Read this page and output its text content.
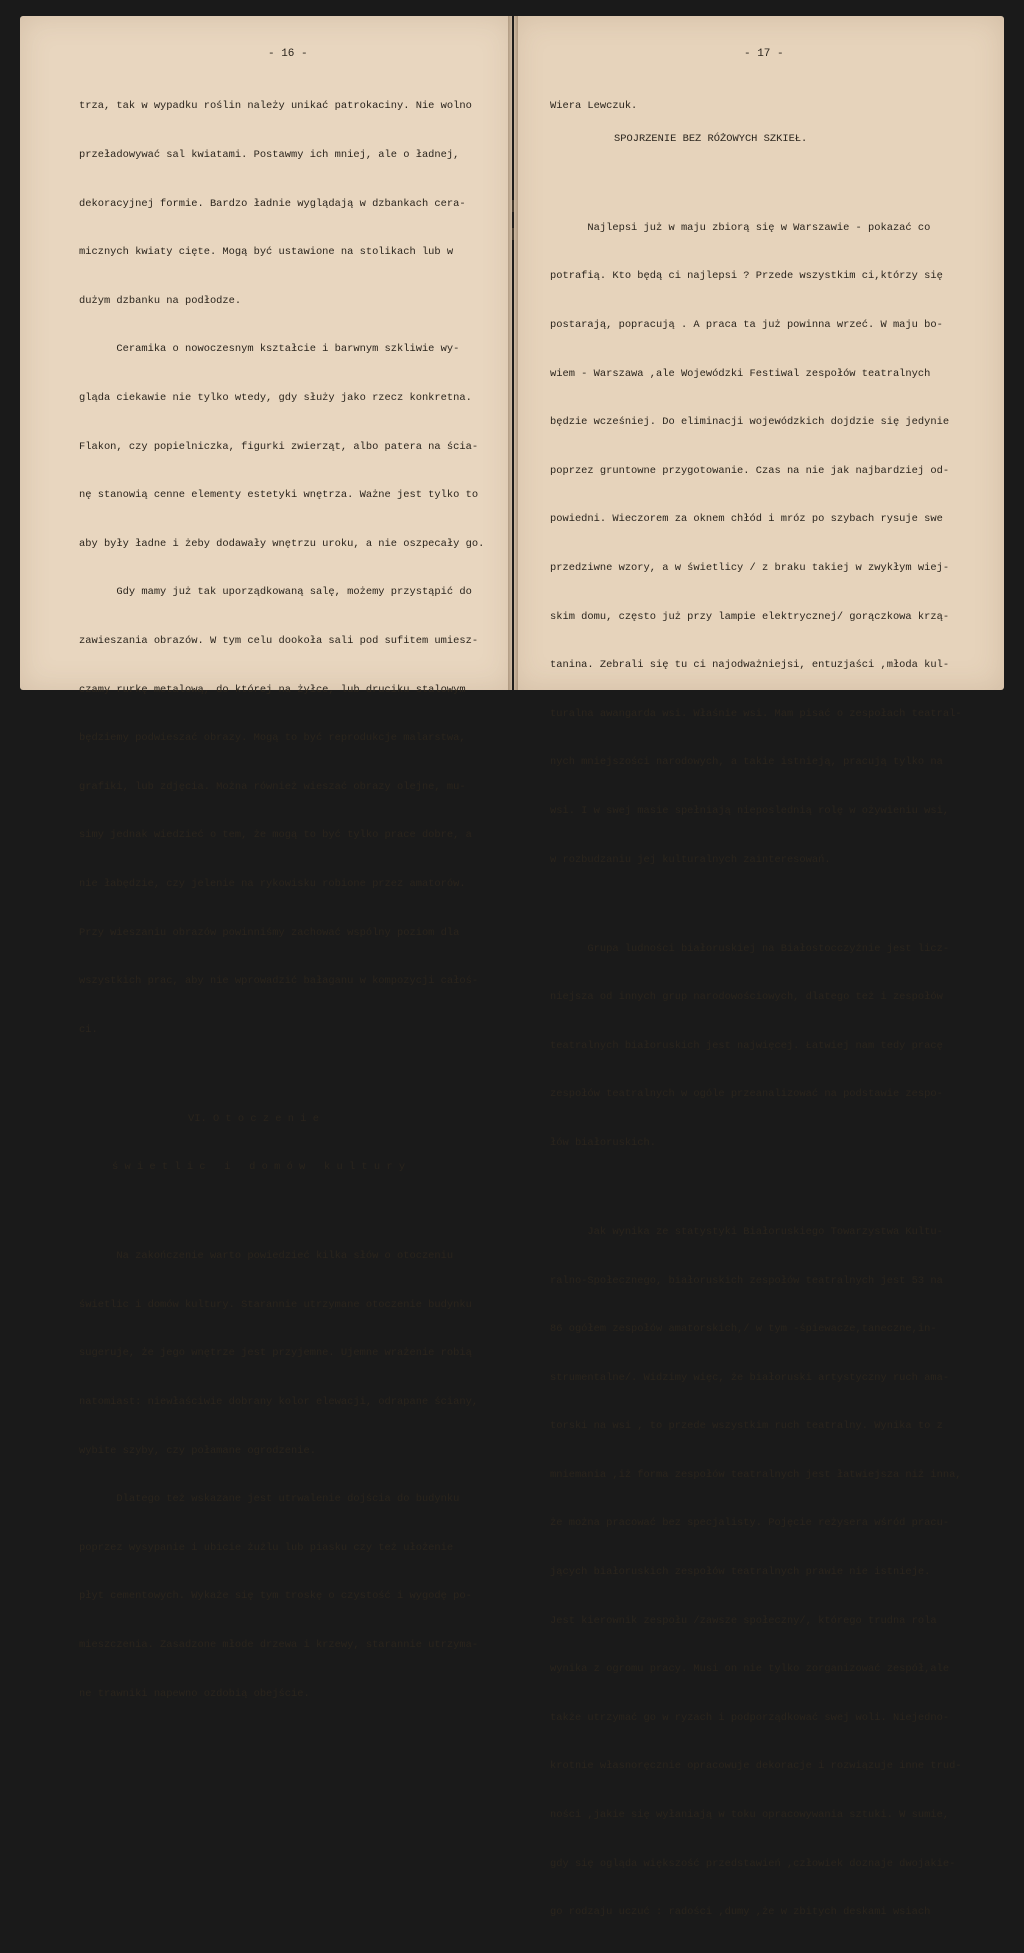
- 16 -

trza, tak w wypadku roślin należy unikać patrokaciny. Nie wolno

przeładowywać sal kwiatami. Postawmy ich mniej, ale o ładnej,

dekoracyjnej formie. Bardzo ładnie wyglądają w dzbankach cera-

micznych kwiaty cięte. Mogą być ustawione na stolikach lub w

dużym dzbanku na podłodze.

Ceramika o nowoczesnym kształcie i barwnym szkliwie wy-

gląda ciekawie nie tylko wtedy, gdy służy jako rzecz konkretna.

Flakon, czy popielniczka, figurki zwierząt, albo patera na ścia-

nę stanowią cenne elementy estetyki wnętrza. Ważne jest tylko to

aby były ładne i żeby dodawały wnętrzu uroku, a nie oszpecały go.

Gdy mamy już tak uporządkowaną salę, możemy przystąpić do

zawieszania obrazów. W tym celu dookoła sali pod sufitem umiesz-

czamy rurkę metalową, do której na żyłce, lub druciku stalowym

będziemy podwieszać obrazy. Mogą to być reprodukcje malarstwa,

grafiki, lub zdjęcia. Można również wieszać obrazy olejne, mu-

simy jednak wiedzieć o tem, że mogą to być tylko prace dobre, a

nie łabędzie, czy jelenie na rykowisku robione przez amatorów.

Przy wieszaniu obrazów powinniśmy zachować wspólny poziom dla

wszystkich prac, aby nie wprowadzić bałaganu w kompozycji całoś-

ci.

VI. O t o c z e n i e

ś w i e t l i c   i   d o m ó w   k u l t u r y

Na zakończenie warto powiedzieć kilka słów o otoczeniu

świetlic i domów kultury. Starannie utrzymane otoczenie budynku

sugeruje, że jego wnętrze jest przyjemne. Ujemne wrażenie robią

natomiast: niewłaściwie dobrany kolor elewacji, odrapane ściany,

wybite szyby, czy połamane ogrodzenie.

Dlatego też wskazane jest utrwalenie dojścia do budynku

poprzez wysypanie i ubicie żużlu lub piasku czy też ułożenie

płyt cementowych. Wykaże się tym troskę o czystość i wygodę po-

mieszczenia. Zasadzone młode drzewa i krzewy, starannie utrzyma-

ne trawniki napewno ozdobią obejście.

- 17 -

Wiera Lewczuk.

SPOJRZENIE BEZ RÓŻOWYCH SZKIEŁ.

Najlepsi już w maju zbiorą się w Warszawie - pokazać co

potrafią. Kto będą ci najlepsi ? Przede wszystkim ci,którzy się

postarają, popracują . A praca ta już powinna wrzeć. W maju bo-

wiem - Warszawa ,ale Wojewódzki Festiwal zespołów teatralnych

będzie wcześniej. Do eliminacji wojewódzkich dojdzie się jedynie

poprzez gruntowne przygotowanie. Czas na nie jak najbardziej od-

powiedni. Wieczorem za oknem chłód i mróz po szybach rysuje swe

przedziwne wzory, a w świetlicy / z braku takiej w zwykłym wiej-

skim domu, często już przy lampie elektrycznej/ gorączkowa krzą-

tanina. Zebrali się tu ci najodważniejsi, entuzjaści ,młoda kul-

turalna awangarda wsi. Właśnie wsi. Mam pisać o zespołach teatral-

nych mniejszości narodowych, a takie istnieją, pracują tylko na

wsi. I w swej masie spełniają nieposlednią rolę w ożywieniu wsi,

w rozbudzaniu jej kulturalnych zainteresowań.

Grupa ludności białoruskiej na Białostocczyźnie jest licz-

niejsza od innych grup narodowościowych, dlatego też i zespołów

teatralnych białoruskich jest najwięcej. Łatwiej nam tedy pracę

zespołów teatralnych w ogóle przeanalizować na podstawie zespo-

łów białoruskich.

Jak wynika ze statystyki Białoruskiego Towarzystwa Kultu-

ralno-Społecznego, białoruskich zespołów teatralnych jest 53 na

86 ogółem zespołów amatorskich,/ w tym -śpiewacze,taneczne,in-

strumentalne/. Widzimy więc, że białoruski artystyczny ruch ama-

torski na wsi , to przede wszystkim ruch teatralny. Wynika to z

mniemania ,iż forma zespołów teatralnych jest łatwiejsza niż inna,

że można pracować bez specjalisty. Pojęcie reżysera wśród pracu-

jących białoruskich zespołów teatralnych prawie nie istnieje.

Jest kierownik zespołu /zawsze społeczny/, którego trudna rola

wynika z ogromu pracy. Musi on nie tylko zorganizować zespół,ale

także utrzymać go w ryzach i podporządkować swej woli. Niejedno-

krotnie własnoręcznie opracowuje dekoracje i rozwiązuje inne trud-

ności ,jakie się wyłaniają w toku opracowywania sztuki. W sumie,

gdy się ogląda większość przedstawień ,człowiek doznaje dwojakie-

go rodzaju uczuć : radości ,dumy ,że w zbitych deskami wsiach
